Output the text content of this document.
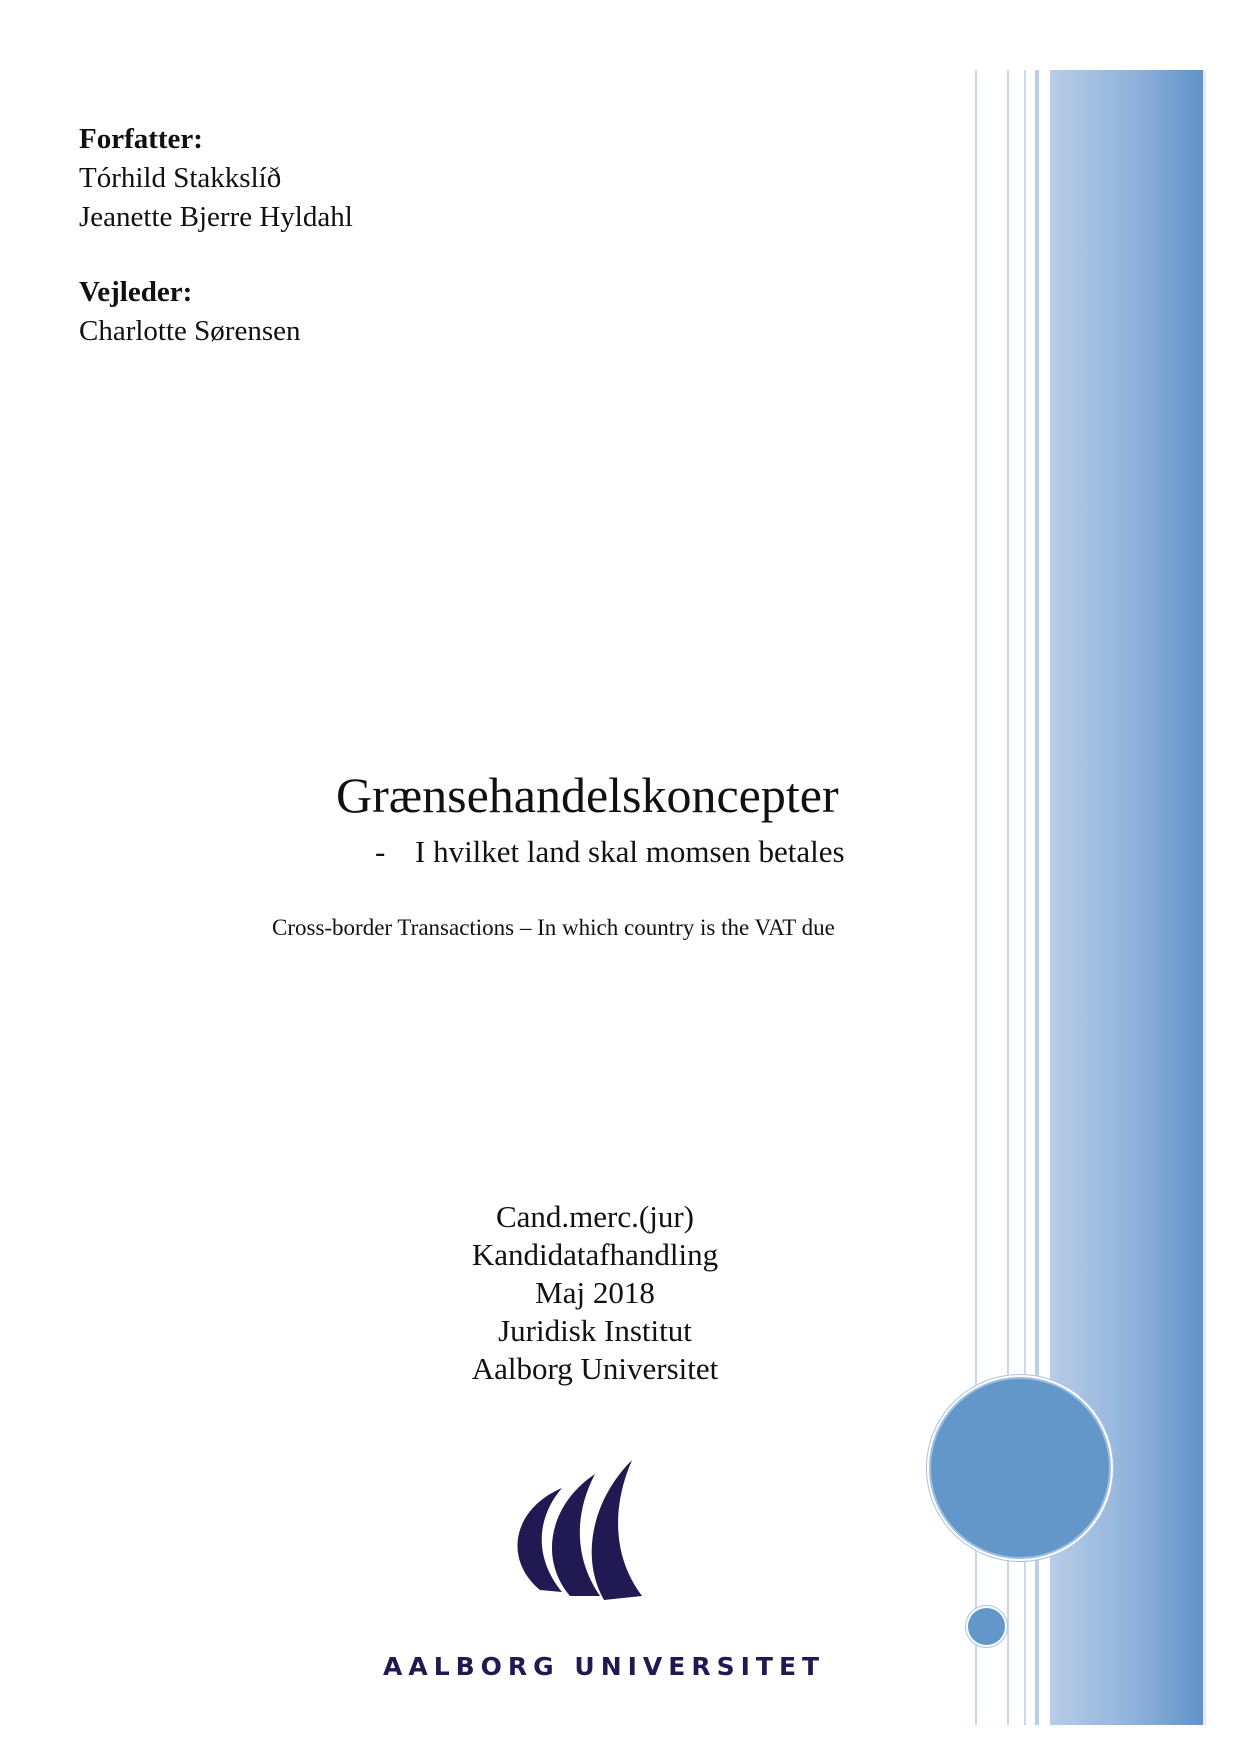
Forfatter:
Tórhild Stakkslíð
Jeanette Bjerre Hyldahl
Vejleder:
Charlotte Sørensen
Grænsehandelskoncepter
- I hvilket land skal momsen betales
Cross-border Transactions – In which country is the VAT due
Cand.merc.(jur)
Kandidatafhandling
Maj 2018
Juridisk Institut
Aalborg Universitet
AALBORG UNIVERSITET
